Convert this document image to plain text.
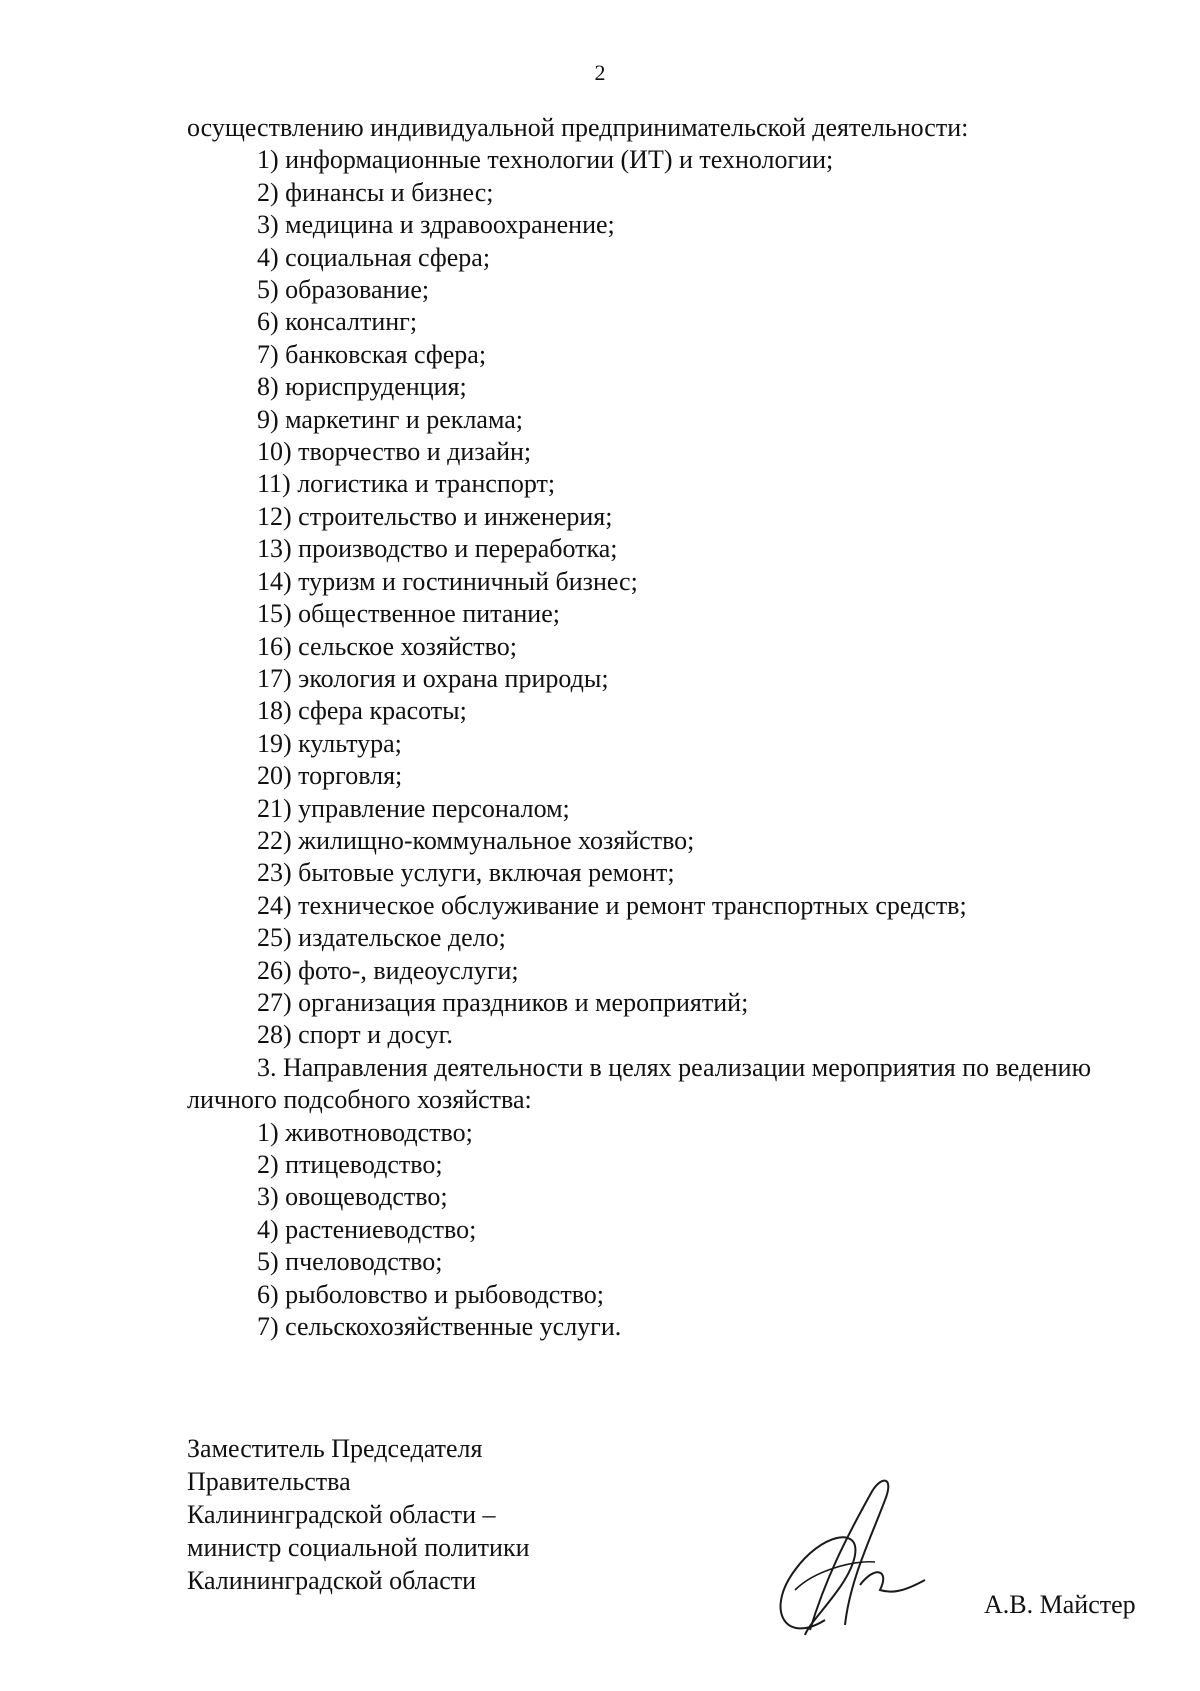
2
осуществлению индивидуальной предпринимательской деятельности:
1) информационные технологии (ИТ) и технологии;
2) финансы и бизнес;
3) медицина и здравоохранение;
4) социальная сфера;
5) образование;
6) консалтинг;
7) банковская сфера;
8) юриспруденция;
9) маркетинг и реклама;
10) творчество и дизайн;
11) логистика и транспорт;
12) строительство и инженерия;
13) производство и переработка;
14) туризм и гостиничный бизнес;
15) общественное питание;
16) сельское хозяйство;
17) экология и охрана природы;
18) сфера красоты;
19) культура;
20) торговля;
21) управление персоналом;
22) жилищно-коммунальное хозяйство;
23) бытовые услуги, включая ремонт;
24) техническое обслуживание и ремонт транспортных средств;
25) издательское дело;
26) фото-, видеоуслуги;
27) организация праздников и мероприятий;
28) спорт и досуг.
3. Направления деятельности в целях реализации мероприятия по ведению
личного подсобного хозяйства:
1) животноводство;
2) птицеводство;
3) овощеводство;
4) растениеводство;
5) пчеловодство;
6) рыболовство и рыбоводство;
7) сельскохозяйственные услуги.
Заместитель Председателя
Правительства
Калининградской области –
министр социальной политики
Калининградской области
А.В. Майстер
